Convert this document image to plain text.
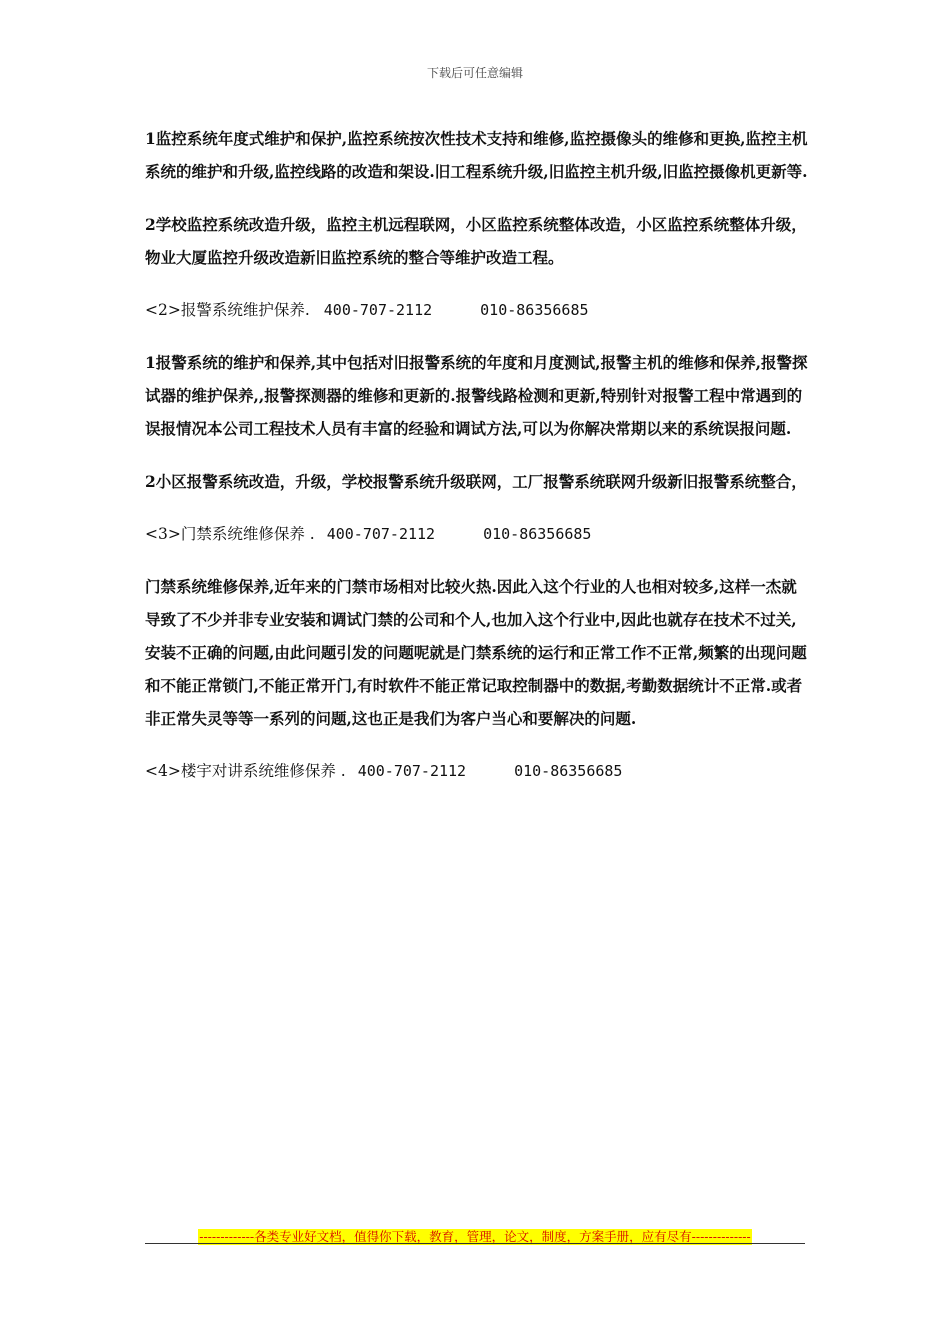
下载后可任意编辑

1监控系统年度式维护和保护,监控系统按次性技术支持和维修,监控摄像头的维修和更换,监控主机系统的维护和升级,监控线路的改造和架设.旧工程系统升级,旧监控主机升级,旧监控摄像机更新等.

2学校监控系统改造升级，监控主机远程联网，小区监控系统整体改造，小区监控系统整体升级，物业大厦监控升级改造新旧监控系统的整合等维护改造工程。

<2>报警系统维护保养. 400-707-2112	010-86356685

1报警系统的维护和保养,其中包括对旧报警系统的年度和月度测试,报警主机的维修和保养,报警探试器的维护保养,,报警探测器的维修和更新的.报警线路检测和更新,特别针对报警工程中常遇到的误报情况本公司工程技术人员有丰富的经验和调试方法,可以为你解决常期以来的系统误报问题.

2小区报警系统改造，升级，学校报警系统升级联网，工厂报警系统联网升级新旧报警系统整合，

<3>门禁系统维修保养 . 400-707-2112	010-86356685

门禁系统维修保养,近年来的门禁市场相对比较火热.因此入这个行业的人也相对较多,这样一杰就导致了不少并非专业安装和调试门禁的公司和个人,也加入这个行业中,因此也就存在技术不过关,安装不正确的问题,由此问题引发的问题呢就是门禁系统的运行和正常工作不正常,频繁的出现问题和不能正常锁门,不能正常开门,有时软件不能正常记取控制器中的数据,考勤数据统计不正常.或者非正常失灵等等一系列的问题,这也正是我们为客户当心和要解决的问题.

<4>楼宇对讲系统维修保养 . 400-707-2112	010-86356685
-------------各类专业好文档，值得你下载，教育，管理，论文，制度，方案手册，应有尽有--------------
